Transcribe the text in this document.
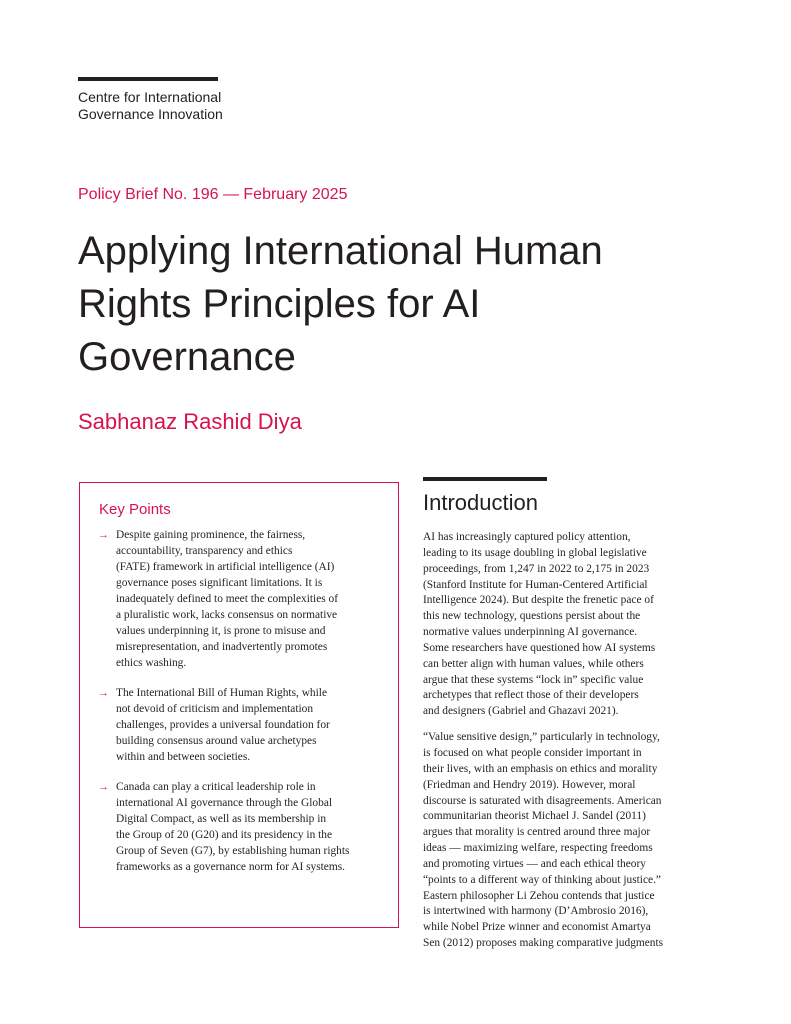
Centre for International
Governance Innovation
Policy Brief No. 196 — February 2025
Applying International Human
Rights Principles for AI
Governance
Sabhanaz Rashid Diya
Key Points
→ Despite gaining prominence, the fairness,
accountability, transparency and ethics
(FATE) framework in artificial intelligence (AI)
governance poses significant limitations. It is
inadequately defined to meet the complexities of
a pluralistic work, lacks consensus on normative
values underpinning it, is prone to misuse and
misrepresentation, and inadvertently promotes
ethics washing.
→ The International Bill of Human Rights, while
not devoid of criticism and implementation
challenges, provides a universal foundation for
building consensus around value archetypes
within and between societies.
→ Canada can play a critical leadership role in
international AI governance through the Global
Digital Compact, as well as its membership in
the Group of 20 (G20) and its presidency in the
Group of Seven (G7), by establishing human rights
frameworks as a governance norm for AI systems.
Introduction

AI has increasingly captured policy attention,
leading to its usage doubling in global legislative
proceedings, from 1,247 in 2022 to 2,175 in 2023
(Stanford Institute for Human-Centered Artificial
Intelligence 2024). But despite the frenetic pace of
this new technology, questions persist about the
normative values underpinning AI governance.
Some researchers have questioned how AI systems
can better align with human values, while others
argue that these systems “lock in” specific value
archetypes that reflect those of their developers
and designers (Gabriel and Ghazavi 2021).

“Value sensitive design,” particularly in technology,
is focused on what people consider important in
their lives, with an emphasis on ethics and morality
(Friedman and Hendry 2019). However, moral
discourse is saturated with disagreements. American
communitarian theorist Michael J. Sandel (2011)
argues that morality is centred around three major
ideas — maximizing welfare, respecting freedoms
and promoting virtues — and each ethical theory
“points to a different way of thinking about justice.”
Eastern philosopher Li Zehou contends that justice
is intertwined with harmony (D’Ambrosio 2016),
while Nobel Prize winner and economist Amartya
Sen (2012) proposes making comparative judgments
